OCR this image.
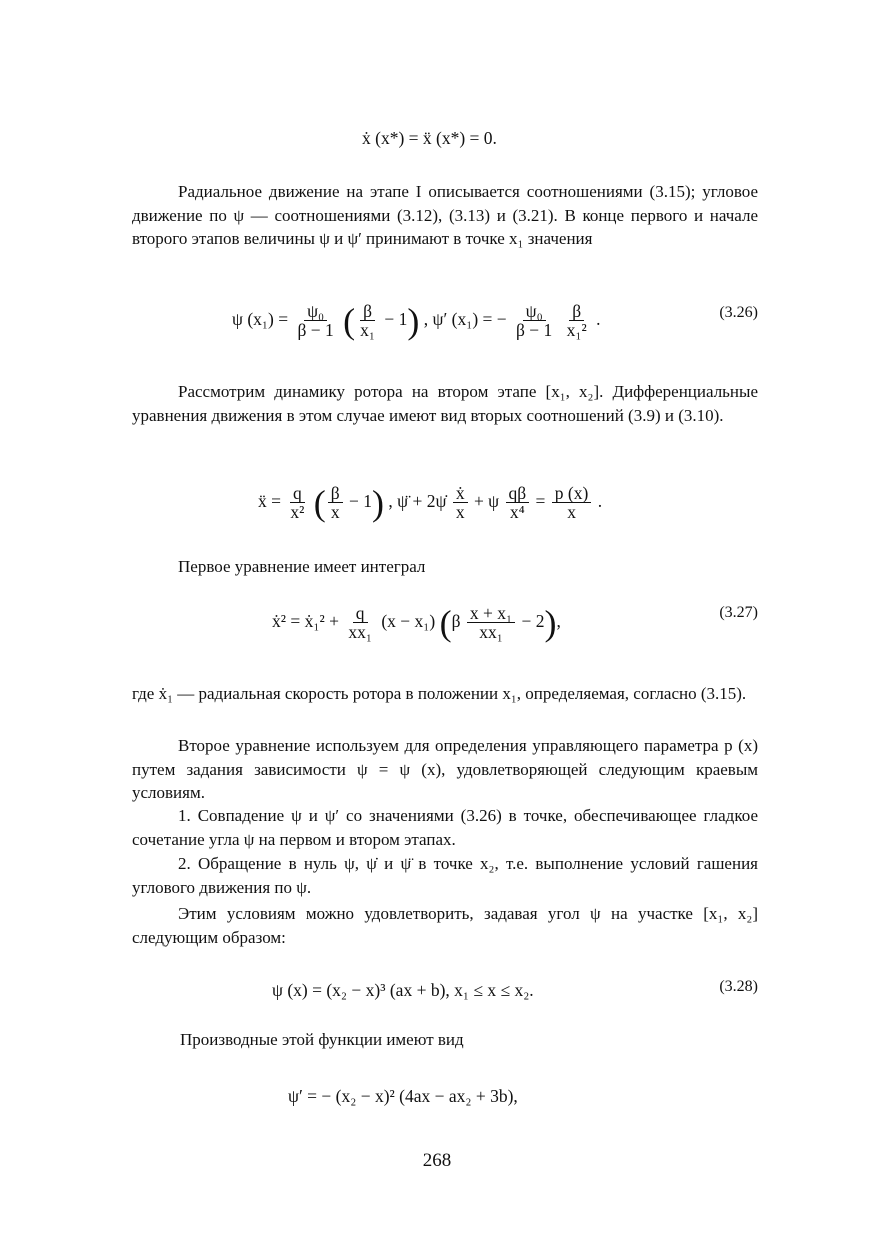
ẋ (x*) = ẍ (x*) = 0.

Радиальное движение на этапе I описывается соотношениями (3.15); угловое движение по ψ — соотношениями (3.12), (3.13) и (3.21). В конце первого и начале второго этапов величины ψ и ψ′ принимают в точке x₁ значения

ψ $(x_1) = \frac{\text{ψ₀}}{\beta - 1}$ ( $\frac{\beta}{\text{x₁}} - 1$) , ψ′ (x₁) = − $\frac{\text{ψ₀}}{\beta - 1}$
$\frac{\beta}{\text{x₁²}}$ .	(3.26)

Рассмотрим динамику ротора на втором этапе [x₁, x₂]. Дифференциальные уравнения движения в этом случае имеют вид вторых соотношений (3.9) и (3.10).

ẍ = $\frac{q}{\text{x²}}$ ( $\frac{\beta}{x} - 1$) , ψ̈ + 2ψ̇ $\frac{\text{ẋ}}{x} + \psi \frac{q\beta}{\text{x⁴}} = \frac{p (x)}{x}$ .
Первое уравнение имеет интеграл
ẋ² = ẋ₁² + $\frac{q}{\text{xx₁}} (x - x_1)$ $(\beta \frac{\text{x + x₁}}{\text{xx₁}} - 2)$,	(3.27)

где ẋ₁ — радиальная скорость ротора в положении x₁, определяемая, согласно (3.15).

Второе уравнение используем для определения управляющего параметра p (x) путем задания зависимости ψ = ψ (x), удовлетворяющей следующим краевым условиям.

1. Совпадение ψ и ψ′ со значениями (3.26) в точке, обеспечивающее гладкое сочетание угла ψ на первом и втором этапах.

2. Обращение в нуль ψ, ψ̇ и ψ̈ в точке x₂, т.е. выполнение условий гашения углового движения по ψ.

Этим условиям можно удовлетворить, задавая угол ψ на участке [x₁, x₂] следующим образом:

ψ (x) = (x₂ − x)³ (ax + b), x₁ ≤ x ≤ x₂.	(3.28)
Производные этой функции имеют вид
ψ′ = − (x₂ − x)² (4ax − ax₂ + 3b),
268
